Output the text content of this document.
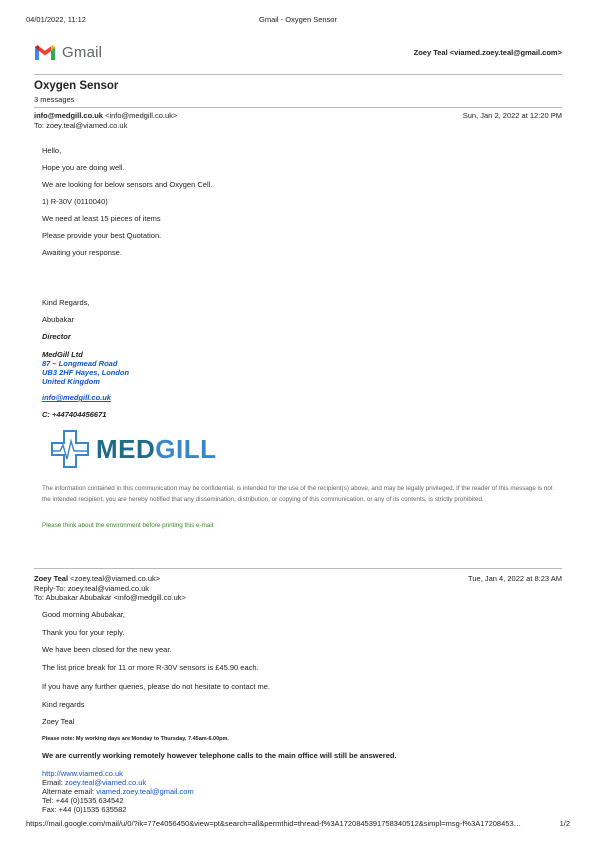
04/01/2022, 11:12	Gmail - Oxygen Sensor
Gmail	Zoey Teal <viamed.zoey.teal@gmail.com>
Oxygen Sensor
3 messages
info@medgill.co.uk <info@medgill.co.uk>
To: zoey.teal@viamed.co.uk
Sun, Jan 2, 2022 at 12:20 PM
Hello,
Hope you are doing well.
We are looking for below sensors and Oxygen Cell.
1) R-30V (0110040)
We need at least 15 pieces of items
Please provide your best Quotation.
Awaiting your response.
Kind Regards,
Abubakar
Director
MedGill Ltd
87 – Longmead Road
UB3 2HF Hayes, London
United Kingdom
info@medgill.co.uk
C: +447404456671
MEDGILL
The information contained in this communication may be confidential, is intended for the use of the recipient(s) above, and may be legally privileged. If the reader of this message is not the intended recipient, you are hereby notified that any dissemination, distribution, or copying of this communication, or any of its contents, is strictly prohibited.
Please think about the environment before printing this e-mail.
Zoey Teal <zoey.teal@viamed.co.uk>
Reply-To: zoey.teal@viamed.co.uk
To: Abubakar Abubakar <info@medgill.co.uk>
Tue, Jan 4, 2022 at 8:23 AM
Good morning Abubakar,
Thank you for your reply.
We have been closed for the new year.
The list price break for 11 or more R-30V sensors is £45.90 each.
If you have any further queries, please do not hesitate to contact me.
Kind regards
Zoey Teal
Please note: My working days are Monday to Thursday, 7.45am-6.00pm.
We are currently working remotely however telephone calls to the main office will still be answered.
http://www.viamed.co.uk
Email: zoey.teal@viamed.co.uk
Alternate email: viamed.zoey.teal@gmail.com
Tel: +44 (0)1535 634542
Fax: +44 (0)1535 635582
https://mail.google.com/mail/u/0/?ik=77e4056450&view=pt&search=all&permthid=thread-f%3A1720845391758340512&simpl=msg-f%3A17208453…	1/2
